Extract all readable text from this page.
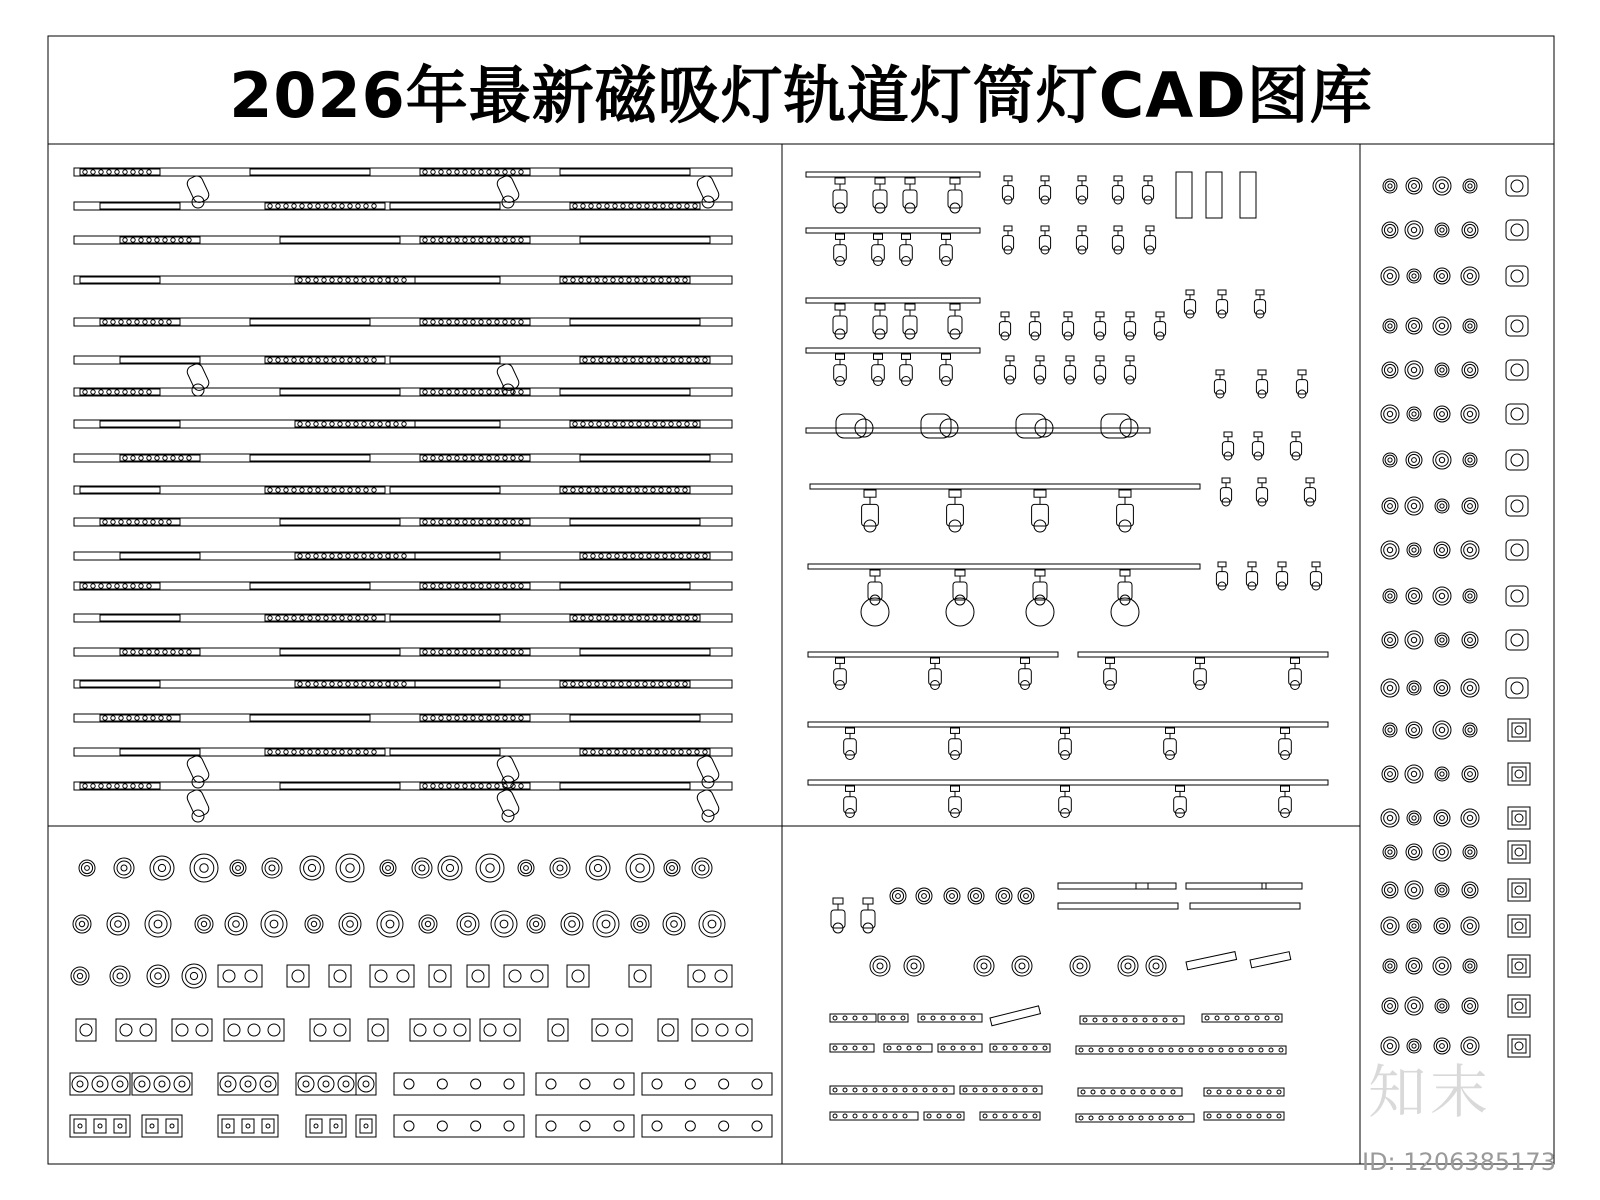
2026年最新磁吸灯轨道灯筒灯CAD图库
知末
ID: 1206385173
